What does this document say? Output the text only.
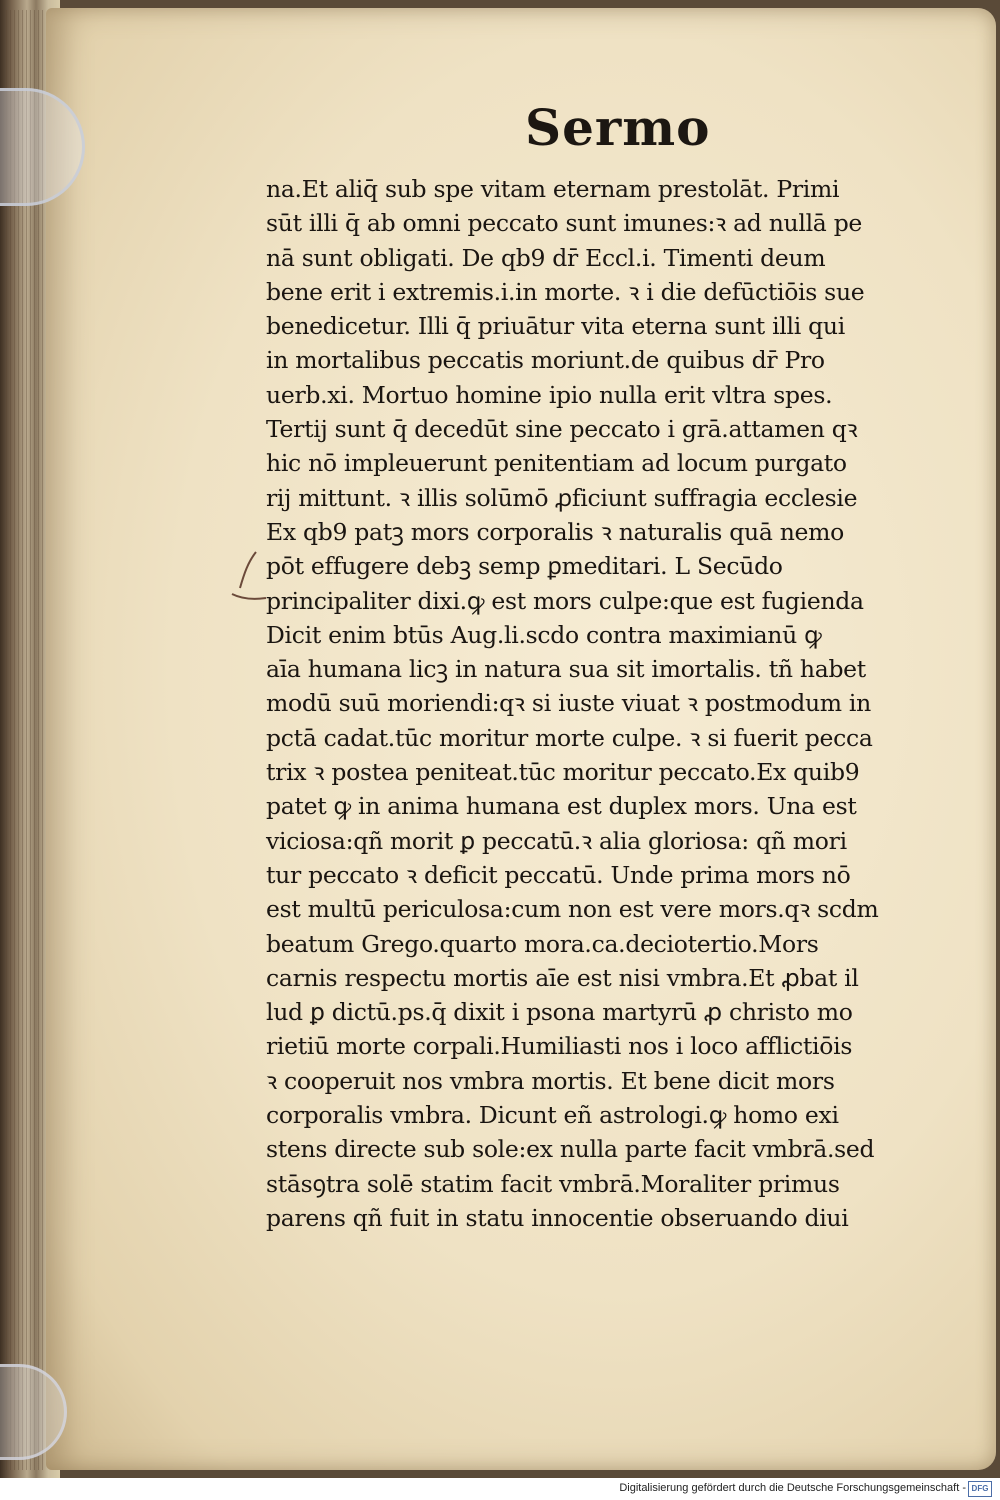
Sermo
na.Et aliq̄ sub spe vitam eternam prestolāt. Primi
sūt illi q̄ ab omni peccato sunt imunes:ꝛ ad nullā pe
nā sunt obligati. De qb9 dr̄ Eccl.i. Timenti deum
bene erit i extremis.i.in morte. ꝛ i die defūctiōis sue
benedicetur. Illi q̄ priuātur vita eterna sunt illi qui
in mortalibus peccatis moriunt.de quibus dr̄ Pro
uerb.xi. Mortuo homine ipio nulla erit vltra spes.
Tertij sunt q̄ decedūt sine peccato i grā.attamen qꝛ
hic nō impleuerunt penitentiam ad locum purgato
rij mittunt. ꝛ illis solūmō ꝓficiunt suffragia ecclesie
Ex qb9 patꝫ mors corporalis ꝛ naturalis quā nemo
pōt effugere debꝫ semp ꝑmeditari. L Secūdo
principaliter dixi.ꝙ est mors culpe:que est fugienda
Dicit enim btūs Aug.li.scdo contra maximianū ꝙ
aīa humana licꝫ in natura sua sit imortalis. tñ habet
modū suū moriendi:qꝛ si iuste viuat ꝛ postmodum in
pctā cadat.tūc moritur morte culpe. ꝛ si fuerit pecca
trix ꝛ postea peniteat.tūc moritur peccato.Ex quib9
patet ꝙ in anima humana est duplex mors. Una est
viciosa:qñ morit ꝑ peccatū.ꝛ alia gloriosa: qñ mori
tur peccato ꝛ deficit peccatū. Unde prima mors nō
est multū periculosa:cum non est vere mors.qꝛ scdm
beatum Grego.quarto mora.ca.deciotertio.Mors
carnis respectu mortis aīe est nisi vmbra.Et ꝓbat il
lud ꝑ dictū.ps.q̄ dixit i psona martyrū ꝓ christo mo
rietiū morte corpali.Humiliasti nos i loco afflictiōis
ꝛ cooperuit nos vmbra mortis. Et bene dicit mors
corporalis vmbra. Dicunt eñ astrologi.ꝙ homo exi
stens directe sub sole:ex nulla parte facit vmbrā.sed
stāsꝯtra solē statim facit vmbrā.Moraliter primus
parens qñ fuit in statu innocentie obseruando diui
Digitalisierung gefördert durch die Deutsche Forschungsgemeinschaft - DFG
